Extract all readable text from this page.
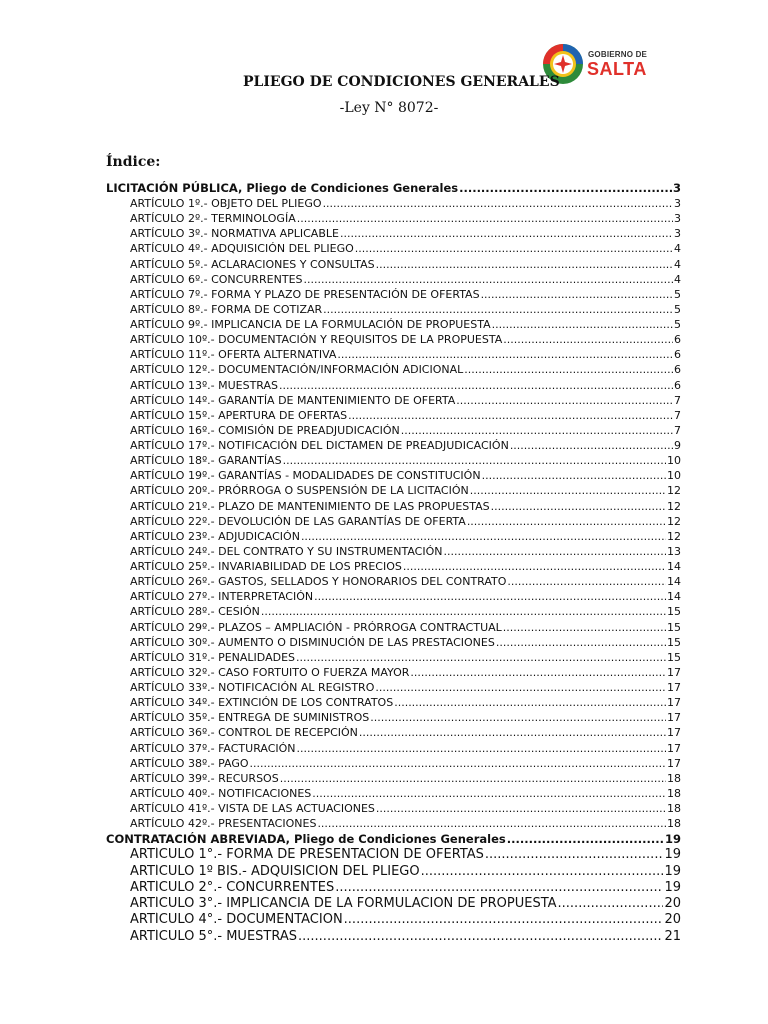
GOBIERNO DE
SALTA
PLIEGO DE CONDICIONES GENERALES
-Ley N° 8072-
Índice:
LICITACIÓN PÚBLICA, Pliego de Condiciones Generales .....	3
ARTÍCULO 1º.- OBJETO DEL PLIEGO .....	3
ARTÍCULO 2º.- TERMINOLOGÍA .....	3
ARTÍCULO 3º.- NORMATIVA APLICABLE .....	3
ARTÍCULO 4º.- ADQUISICIÓN DEL PLIEGO .....	4
ARTÍCULO 5º.- ACLARACIONES Y CONSULTAS .....	4
ARTÍCULO 6º.- CONCURRENTES .....	4
ARTÍCULO 7º.- FORMA Y PLAZO DE PRESENTACIÓN DE OFERTAS .....	5
ARTÍCULO 8º.- FORMA DE COTIZAR .....	5
ARTÍCULO 9º.- IMPLICANCIA DE LA FORMULACIÓN DE PROPUESTA .....	5
ARTÍCULO 10º.- DOCUMENTACIÓN Y REQUISITOS DE LA PROPUESTA .....	6
ARTÍCULO 11º.- OFERTA ALTERNATIVA .....	6
ARTÍCULO 12º.- DOCUMENTACIÓN/INFORMACIÓN ADICIONAL .....	6
ARTÍCULO 13º.- MUESTRAS .....	6
ARTÍCULO 14º.- GARANTÍA DE MANTENIMIENTO DE OFERTA .....	7
ARTÍCULO 15º.- APERTURA DE OFERTAS .....	7
ARTÍCULO 16º.- COMISIÓN DE PREADJUDICACIÓN .....	7
ARTÍCULO 17º.- NOTIFICACIÓN DEL DICTAMEN DE PREADJUDICACIÓN .....	9
ARTÍCULO 18º.- GARANTÍAS .....	10
ARTÍCULO 19º.- GARANTÍAS - MODALIDADES DE CONSTITUCIÓN .....	10
ARTÍCULO 20º.- PRÓRROGA O SUSPENSIÓN DE LA LICITACIÓN .....	12
ARTÍCULO 21º.- PLAZO DE MANTENIMIENTO DE LAS PROPUESTAS .....	12
ARTÍCULO 22º.- DEVOLUCIÓN DE LAS GARANTÍAS DE OFERTA .....	12
ARTÍCULO 23º.- ADJUDICACIÓN .....	12
ARTÍCULO 24º.- DEL CONTRATO Y SU INSTRUMENTACIÓN .....	13
ARTÍCULO 25º.- INVARIABILIDAD DE LOS PRECIOS .....	14
ARTÍCULO 26º.- GASTOS, SELLADOS Y HONORARIOS DEL CONTRATO .....	14
ARTÍCULO 27º.- INTERPRETACIÓN .....	14
ARTÍCULO 28º.- CESIÓN .....	15
ARTÍCULO 29º.- PLAZOS – AMPLIACIÓN - PRÓRROGA CONTRACTUAL .....	15
ARTÍCULO 30º.- AUMENTO O DISMINUCIÓN DE LAS PRESTACIONES .....	15
ARTÍCULO 31º.- PENALIDADES .....	15
ARTÍCULO 32º.- CASO FORTUITO O FUERZA MAYOR .....	17
ARTÍCULO 33º.- NOTIFICACIÓN AL REGISTRO .....	17
ARTÍCULO 34º.- EXTINCIÓN DE LOS CONTRATOS .....	17
ARTÍCULO 35º.- ENTREGA DE SUMINISTROS .....	17
ARTÍCULO 36º.- CONTROL DE RECEPCIÓN .....	17
ARTÍCULO 37º.- FACTURACIÓN .....	17
ARTÍCULO 38º.- PAGO .....	17
ARTÍCULO 39º.- RECURSOS .....	18
ARTÍCULO 40º.- NOTIFICACIONES .....	18
ARTÍCULO 41º.- VISTA DE LAS ACTUACIONES .....	18
ARTÍCULO 42º.- PRESENTACIONES .....	18
CONTRATACIÓN ABREVIADA, Pliego de Condiciones Generales .....	19
ARTÍCULO 1°.- FORMA DE PRESENTACIÓN DE OFERTAS .....	19
ARTÍCULO 1º BIS.- ADQUISICIÓN DEL PLIEGO .....	19
ARTÍCULO 2°.- CONCURRENTES .....	19
ARTÍCULO 3°.- IMPLICANCIA DE LA FORMULACIÓN DE PROPUESTA .....	20
ARTÍCULO 4°.- DOCUMENTACIÓN .....	20
ARTÍCULO 5°.- MUESTRAS .....	21
